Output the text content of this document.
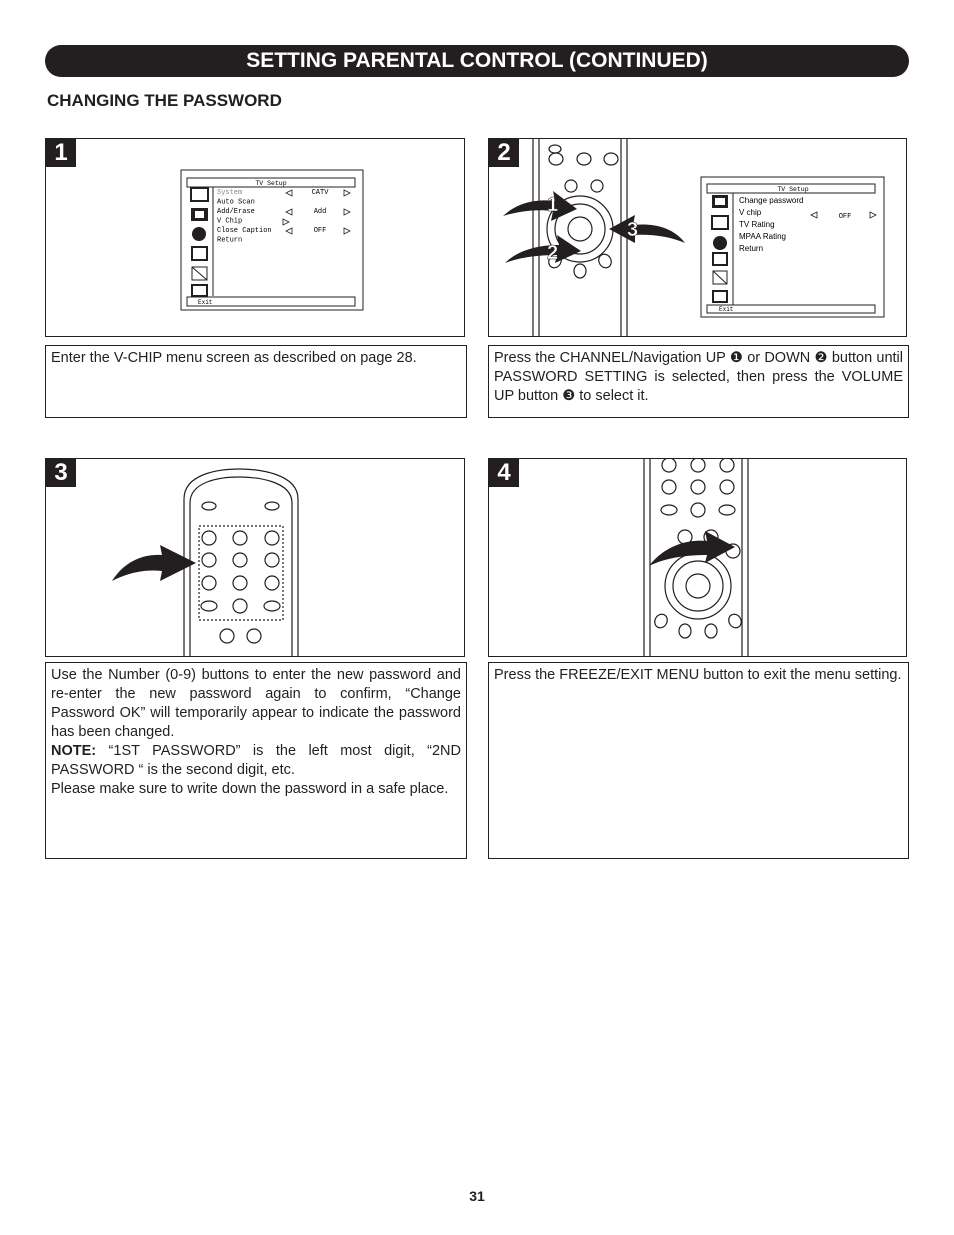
SETTING PARENTAL CONTROL (CONTINUED)
CHANGING THE PASSWORD
1
TV Setup
System
Auto Scan
Add/Erase
V Chip
Close Caption
Return
CATV
Add
OFF
Exit
1
2
3
TV Setup
Change password
V chip
TV Rating
MPAA Rating
Return
OFF
Exit
2

Enter the V-CHIP menu screen as described on page 28.	Press the CHANNEL/Navigation UP ❶ or DOWN ❷ button until PASSWORD SETTING is selected, then press the VOLUME UP button ❸ to select it.

3	4

Use the Number (0-9) buttons to enter the new password and re-enter the new password again to confirm, “Change Password OK” will temporarily appear to indicate the password has been changed.

NOTE: “1ST PASSWORD” is the left most digit, “2ND PASSWORD “ is the second digit, etc.

Please make sure to write down the password in a safe place.

Press the FREEZE/EXIT MENU button to exit the menu setting.

31
